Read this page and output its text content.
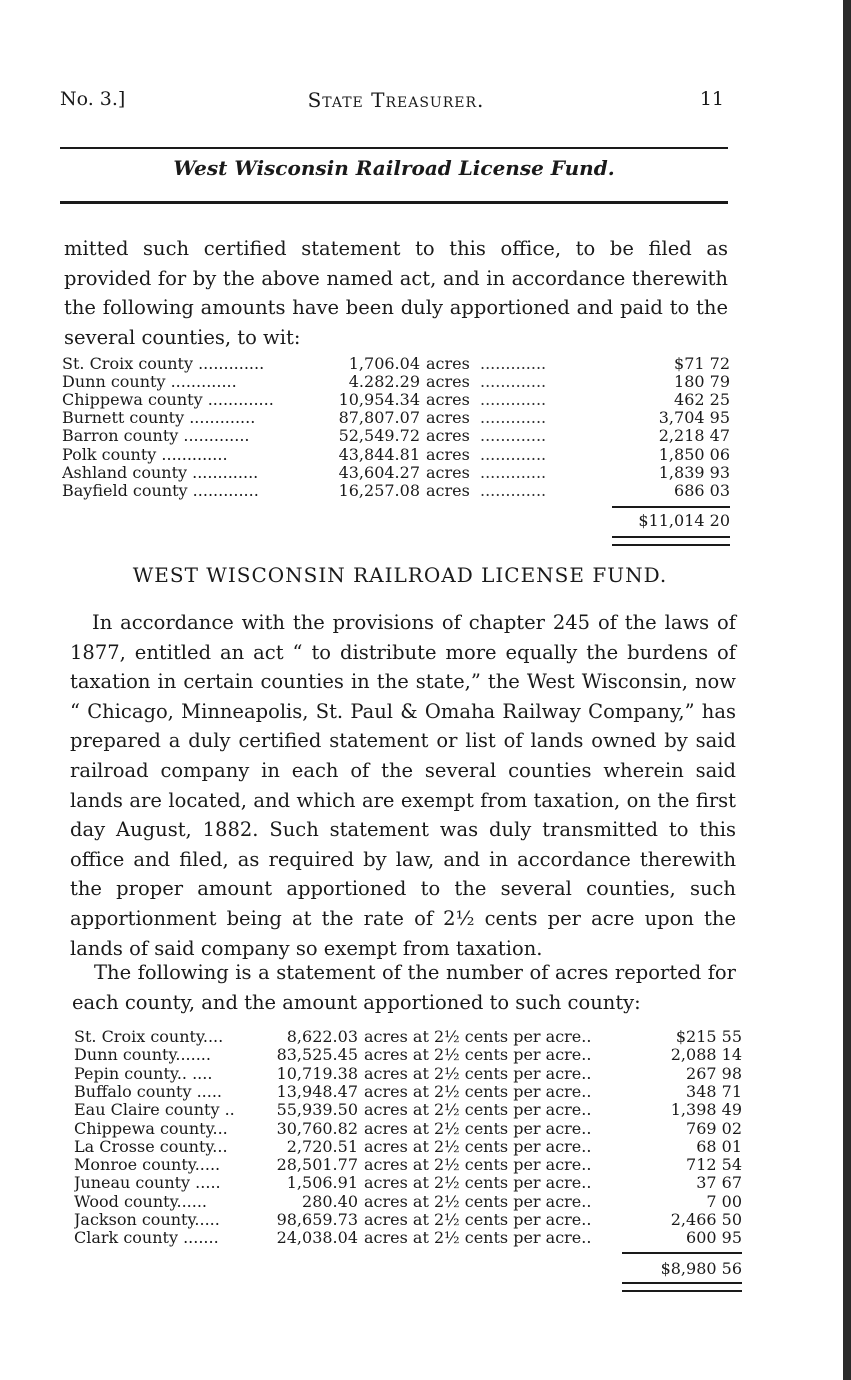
No. 3.]	State Treasurer.	11
West Wisconsin Railroad License Fund.

mitted such certified statement to this office, to be filed as provided for by the above named act, and in accordance therewith the following amounts have been duly apportioned and paid to the several counties, to wit:

St. Croix county .............	1,706.04 acres .............	$71 72
Dunn county .............	4.282.29 acres .............	180 79
Chippewa county .............	10,954.34 acres .............	462 25
Burnett county .............	87,807.07 acres .............	3,704 95
Barron county .............	52,549.72 acres .............	2,218 47
Polk county .............	43,844.81 acres .............	1,850 06
Ashland county .............	43,604.27 acres .............	1,839 93
Bayfield county .............	16,257.08 acres .............	686 03
$11,014 20
WEST WISCONSIN RAILROAD LICENSE FUND.

In accordance with the provisions of chapter 245 of the laws of 1877, entitled an act “ to distribute more equally the burdens of taxation in certain counties in the state,” the West Wisconsin, now “ Chicago, Minneapolis, St. Paul & Omaha Railway Company,” has prepared a duly certified statement or list of lands owned by said railroad company in each of the several counties wherein said lands are located, and which are exempt from taxation, on the first day August, 1882. Such statement was duly transmitted to this office and filed, as required by law, and in accordance therewith the proper amount apportioned to the several counties, such apportionment being at the rate of 2½ cents per acre upon the lands of said company so exempt from taxation.

The following is a statement of the number of acres reported for each county, and the amount apportioned to such county:

St. Croix county....	8,622.03 acres at 2½ cents per acre..	$215 55
Dunn county.......	83,525.45 acres at 2½ cents per acre..	2,088 14
Pepin county.. ....	10,719.38 acres at 2½ cents per acre..	267 98
Buffalo county .....	13,948.47 acres at 2½ cents per acre..	348 71
Eau Claire county ..	55,939.50 acres at 2½ cents per acre..	1,398 49
Chippewa county...	30,760.82 acres at 2½ cents per acre..	769 02
La Crosse county...	2,720.51 acres at 2½ cents per acre..	68 01
Monroe county.....	28,501.77 acres at 2½ cents per acre..	712 54
Juneau county .....	1,506.91 acres at 2½ cents per acre..	37 67
Wood county......	280.40 acres at 2½ cents per acre..	7 00
Jackson county.....	98,659.73 acres at 2½ cents per acre..	2,466 50
Clark county .......	24,038.04 acres at 2½ cents per acre..	600 95
$8,980 56
